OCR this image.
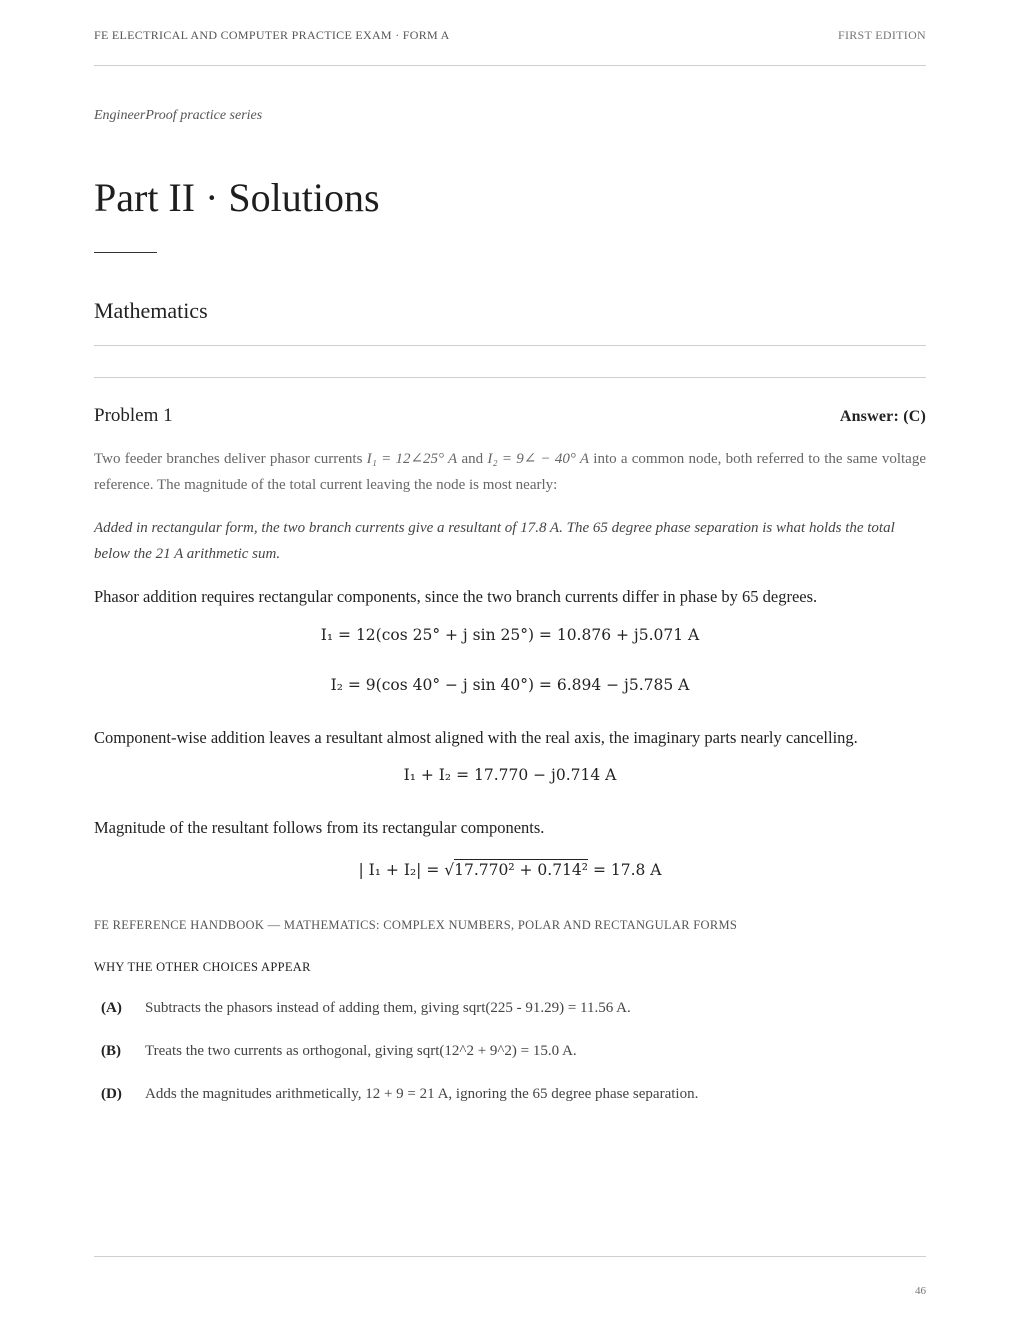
FE ELECTRICAL AND COMPUTER PRACTICE EXAM · FORM A	FIRST EDITION
EngineerProof practice series
Part II · Solutions
Mathematics
Problem 1	Answer: (C)
Two feeder branches deliver phasor currents I₁ = 12∠25° A and I₂ = 9∠ − 40° A into a common node, both referred to the same voltage reference. The magnitude of the total current leaving the node is most nearly:
Added in rectangular form, the two branch currents give a resultant of 17.8 A. The 65 degree phase separation is what holds the total below the 21 A arithmetic sum.
Phasor addition requires rectangular components, since the two branch currents differ in phase by 65 degrees.
I₁ = 12(cos 25° + j sin 25°) = 10.876 + j5.071 A
I₂ = 9(cos 40° − j sin 40°) = 6.894 − j5.785 A
Component-wise addition leaves a resultant almost aligned with the real axis, the imaginary parts nearly cancelling.
I₁ + I₂ = 17.770 − j0.714 A
Magnitude of the resultant follows from its rectangular components.
| I₁ + I₂| = √17.770² + 0.714² = 17.8 A
FE REFERENCE HANDBOOK — MATHEMATICS: COMPLEX NUMBERS, POLAR AND RECTANGULAR FORMS
WHY THE OTHER CHOICES APPEAR
(A)	Subtracts the phasors instead of adding them, giving sqrt(225 - 91.29) = 11.56 A.
(B)	Treats the two currents as orthogonal, giving sqrt(12^2 + 9^2) = 15.0 A.
(D)	Adds the magnitudes arithmetically, 12 + 9 = 21 A, ignoring the 65 degree phase separation.
46
